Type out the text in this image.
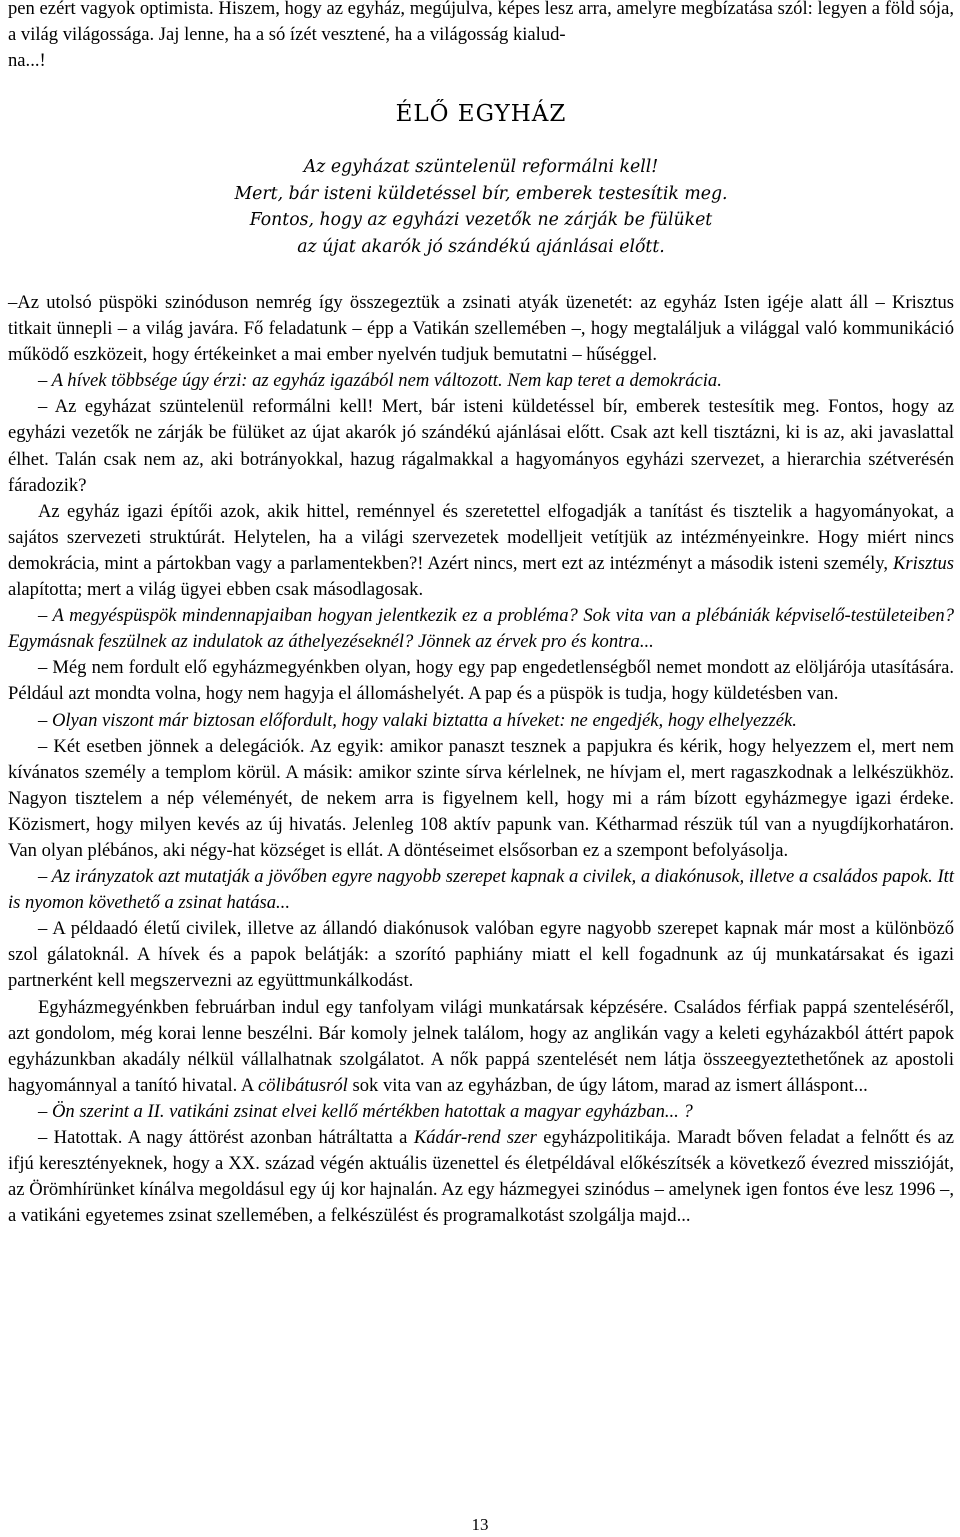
pen ezért vagyok optimista. Hiszem, hogy az egyház, megújulva, képes lesz arra, amelyre megbízatása szól: legyen a föld sója, a világ világossága. Jaj lenne, ha a só ízét vesztené, ha a világosság kialud-
na...!

ÉLŐ EGYHÁZ
Az egyházat szüntelenül reformálni kell!
Mert, bár isteni küldetéssel bír, emberek testesítik meg.
Fontos, hogy az egyházi vezetők ne zárják be fülüket
az újat akarók jó szándékú ajánlásai előtt.

–Az utolsó püspöki szinóduson nemrég így összegeztük a zsinati atyák üzenetét: az egyház Isten igéje alatt áll – Krisztus titkait ünnepli – a világ javára. Fő feladatunk – épp a Vatikán szellemében –, hogy megtaláljuk a világgal való kommunikáció működő eszközeit, hogy értékeinket a mai ember nyelvén tudjuk bemutatni – hűséggel.

– A hívek többsége úgy érzi: az egyház igazából nem változott. Nem kap teret a demokrácia.

– Az egyházat szüntelenül reformálni kell! Mert, bár isteni küldetéssel bír, emberek testesítik meg. Fontos, hogy az egyházi vezetők ne zárják be fülüket az újat akarók jó szándékú ajánlásai előtt. Csak azt kell tisztázni, ki is az, aki javaslattal élhet. Talán csak nem az, aki botrányokkal, hazug rágalmakkal a hagyományos egyházi szervezet, a hierarchia szétverésén fáradozik?

Az egyház igazi építői azok, akik hittel, reménnyel és szeretettel elfogadják a tanítást és tisztelik a hagyományokat, a sajátos szervezeti struktúrát. Helytelen, ha a világi szervezetek modelljeit vetítjük az intézményeinkre. Hogy miért nincs demokrácia, mint a pártokban vagy a parlamentekben?! Azért nincs, mert ezt az intézményt a második isteni személy, Krisztus alapította; mert a világ ügyei ebben csak másodlagosak.

– A megyéspüspök mindennapjaiban hogyan jelentkezik ez a probléma? Sok vita van a plébániák képviselő-testületeiben? Egymásnak feszülnek az indulatok az áthelyezéseknél? Jönnek az érvek pro és kontra...

– Még nem fordult elő egyházmegyénkben olyan, hogy egy pap engedetlenségből nemet mondott az elöljárója utasítására. Például azt mondta volna, hogy nem hagyja el állomáshelyét. A pap és a püspök is tudja, hogy küldetésben van.

– Olyan viszont már biztosan előfordult, hogy valaki biztatta a híveket: ne engedjék, hogy elhelyezzék.

– Két esetben jönnek a delegációk. Az egyik: amikor panaszt tesznek a papjukra és kérik, hogy helyezzem el, mert nem kívánatos személy a templom körül. A másik: amikor szinte sírva kérlelnek, ne hívjam el, mert ragaszkodnak a lelkészükhöz. Nagyon tisztelem a nép véleményét, de nekem arra is figyelnem kell, hogy mi a rám bízott egyházmegye igazi érdeke. Közismert, hogy milyen kevés az új hivatás. Jelenleg 108 aktív papunk van. Kétharmad részük túl van a nyugdíjkorhatáron. Van olyan plébános, aki négy-hat községet is ellát. A döntéseimet elsősorban ez a szempont befolyásolja.

– Az irányzatok azt mutatják a jövőben egyre nagyobb szerepet kapnak a civilek, a diakónusok, illetve a családos papok. Itt is nyomon követhető a zsinat hatása...

– A példaadó életű civilek, illetve az állandó diakónusok valóban egyre nagyobb szerepet kapnak már most a különböző szol gálatoknál. A hívek és a papok belátják: a szorító paphiány miatt el kell fogadnunk az új munkatársakat és igazi partnerként kell megszervezni az együttmunkálkodást.

Egyházmegyénkben februárban indul egy tanfolyam világi munkatársak képzésére. Családos férfiak pappá szenteléséről, azt gondolom, még korai lenne beszélni. Bár komoly jelnek találom, hogy az anglikán vagy a keleti egyházakból áttért papok egyházunkban akadály nélkül vállalhatnak szolgálatot. A nők pappá szentelését nem látja összeegyeztethetőnek az apostoli hagyománnyal a tanító hivatal. A cölibátusról sok vita van az egyházban, de úgy látom, marad az ismert álláspont...

– Ön szerint a II. vatikáni zsinat elvei kellő mértékben hatottak a magyar egyházban... ?

– Hatottak. A nagy áttörést azonban hátráltatta a Kádár-rend szer egyházpolitikája. Maradt bőven feladat a felnőtt és az ifjú keresztényeknek, hogy a XX. század végén aktuális üzenettel és életpéldával előkészítsék a következő évezred misszióját, az Örömhírünket kínálva megoldásul egy új kor hajnalán. Az egy házmegyei szinódus – amelynek igen fontos éve lesz 1996 –, a vatikáni egyetemes zsinat szellemében, a felkészülést és programalkotást szolgálja majd...

13
